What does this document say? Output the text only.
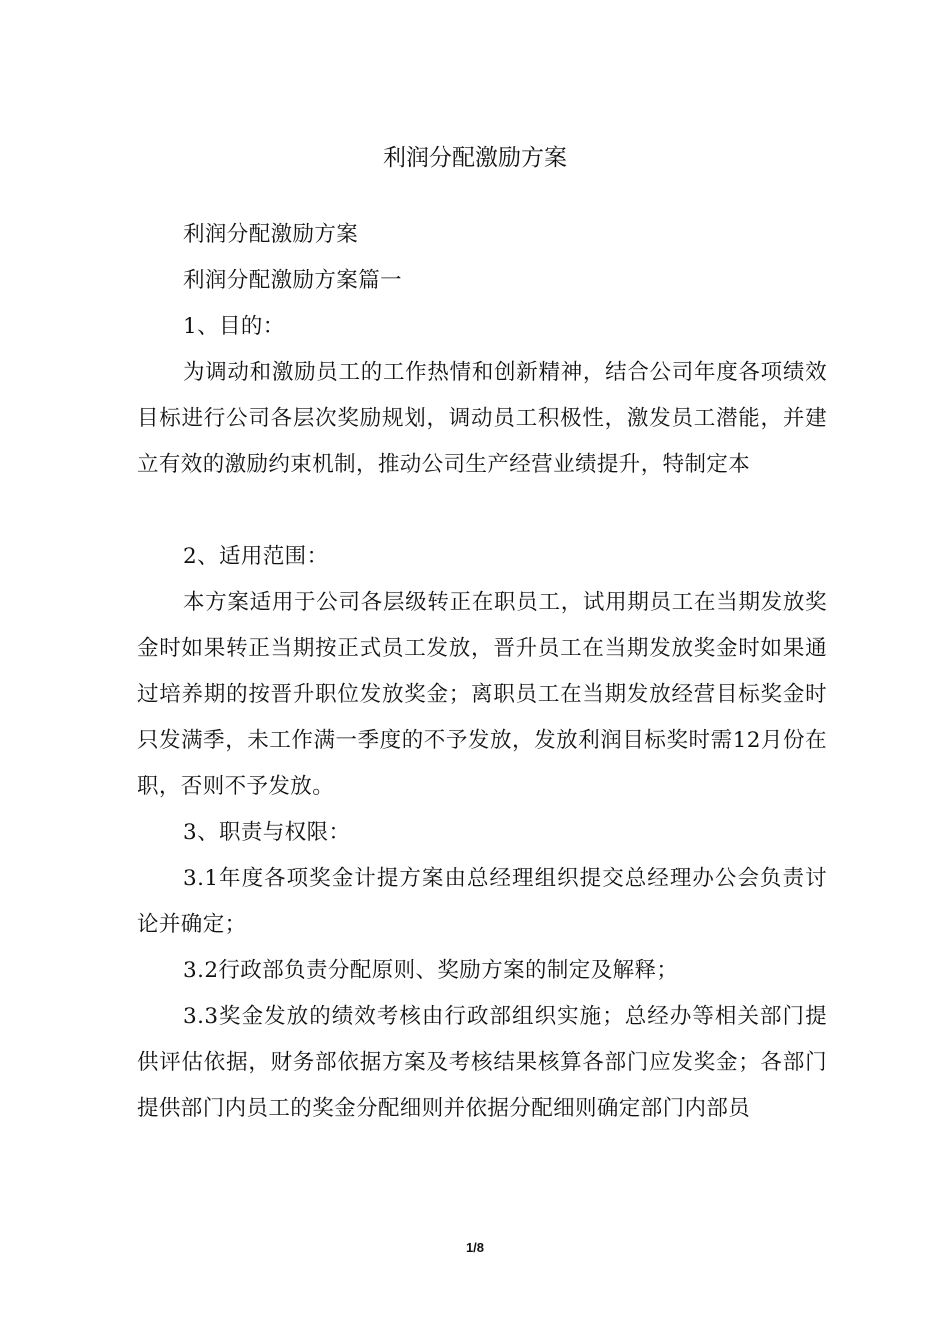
利润分配激励方案

利润分配激励方案

利润分配激励方案篇一

1、目的：

为调动和激励员工的工作热情和创新精神，结合公司年度各项绩效目标进行公司各层次奖励规划，调动员工积极性，激发员工潜能，并建立有效的激励约束机制，推动公司生产经营业绩提升，特制定本

2、适用范围：

本方案适用于公司各层级转正在职员工，试用期员工在当期发放奖金时如果转正当期按正式员工发放，晋升员工在当期发放奖金时如果通过培养期的按晋升职位发放奖金；离职员工在当期发放经营目标奖金时只发满季，未工作满一季度的不予发放，发放利润目标奖时需12月份在职，否则不予发放。

3、职责与权限：

3.1年度各项奖金计提方案由总经理组织提交总经理办公会负责讨论并确定；

3.2行政部负责分配原则、奖励方案的制定及解释；

3.3奖金发放的绩效考核由行政部组织实施；总经办等相关部门提供评估依据，财务部依据方案及考核结果核算各部门应发奖金；各部门提供部门内员工的奖金分配细则并依据分配细则确定部门内部员

1/8
